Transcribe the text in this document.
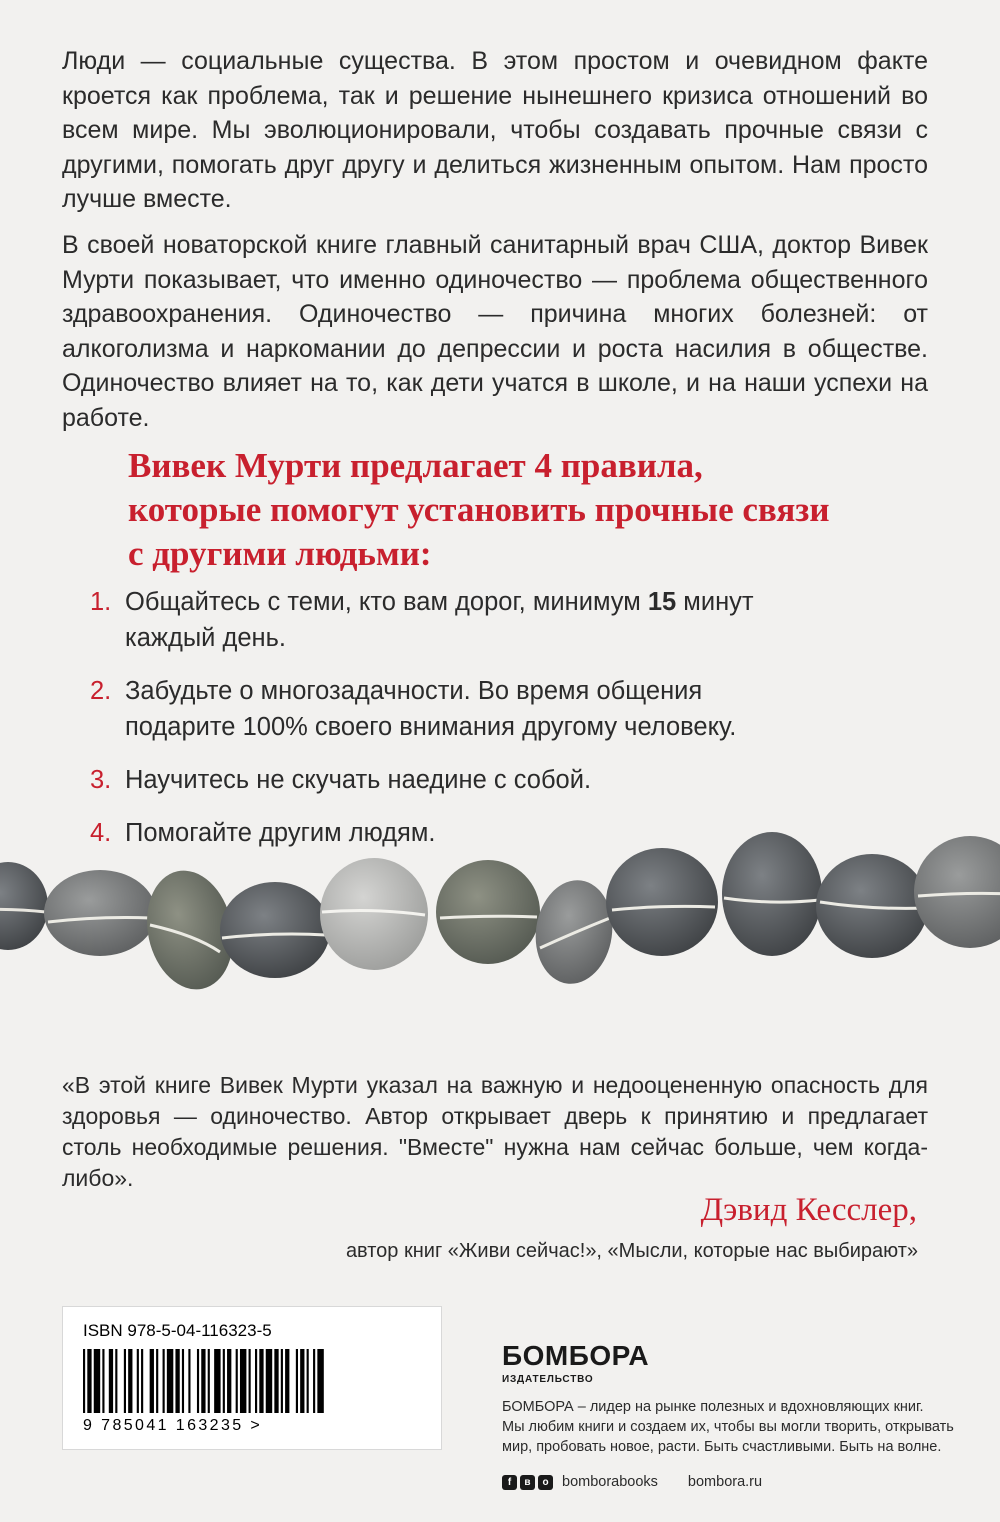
Люди — социальные существа. В этом простом и очевидном факте кроется как проблема, так и решение нынешнего кризиса отношений во всем мире. Мы эволюционировали, чтобы создавать прочные связи с другими, помогать друг другу и делиться жизненным опытом. Нам просто лучше вместе.

В своей новаторской книге главный санитарный врач США, доктор Вивек Мурти показывает, что именно одиночество — проблема общественного здравоохранения. Одиночество — причина многих болезней: от алкоголизма и наркомании до депрессии и роста насилия в обществе. Одиночество влияет на то, как дети учатся в школе, и на наши успехи на работе.

Вивек Мурти предлагает 4 правила,
которые помогут установить прочные связи
с другими людьми:
1. Общайтесь с теми, кто вам дорог, минимум 15 минут
каждый день.
2. Забудьте о многозадачности. Во время общения
подарите 100% своего внимания другому человеку.
3. Научитесь не скучать наедине с собой.
4. Помогайте другим людям.

«В этой книге Вивек Мурти указал на важную и недооцененную опасность для здоровья — одиночество. Автор открывает дверь к принятию и предлагает столь необходимые решения. "Вместе" нужна нам сейчас больше, чем когда-либо».

Дэвид Кесслер,
автор книг «Живи сейчас!», «Мысли, которые нас выбирают»
ISBN 978-5-04-116323-5
9 785041 163235 >
БОМБОРА
ИЗДАТЕЛЬСТВО
БОМБОРА – лидер на рынке полезных и вдохновляющих книг.
Мы любим книги и создаем их, чтобы вы могли творить, открывать
мир, пробовать новое, расти. Быть счастливыми. Быть на волне.
f	в	о bomborabooks bombora.ru
